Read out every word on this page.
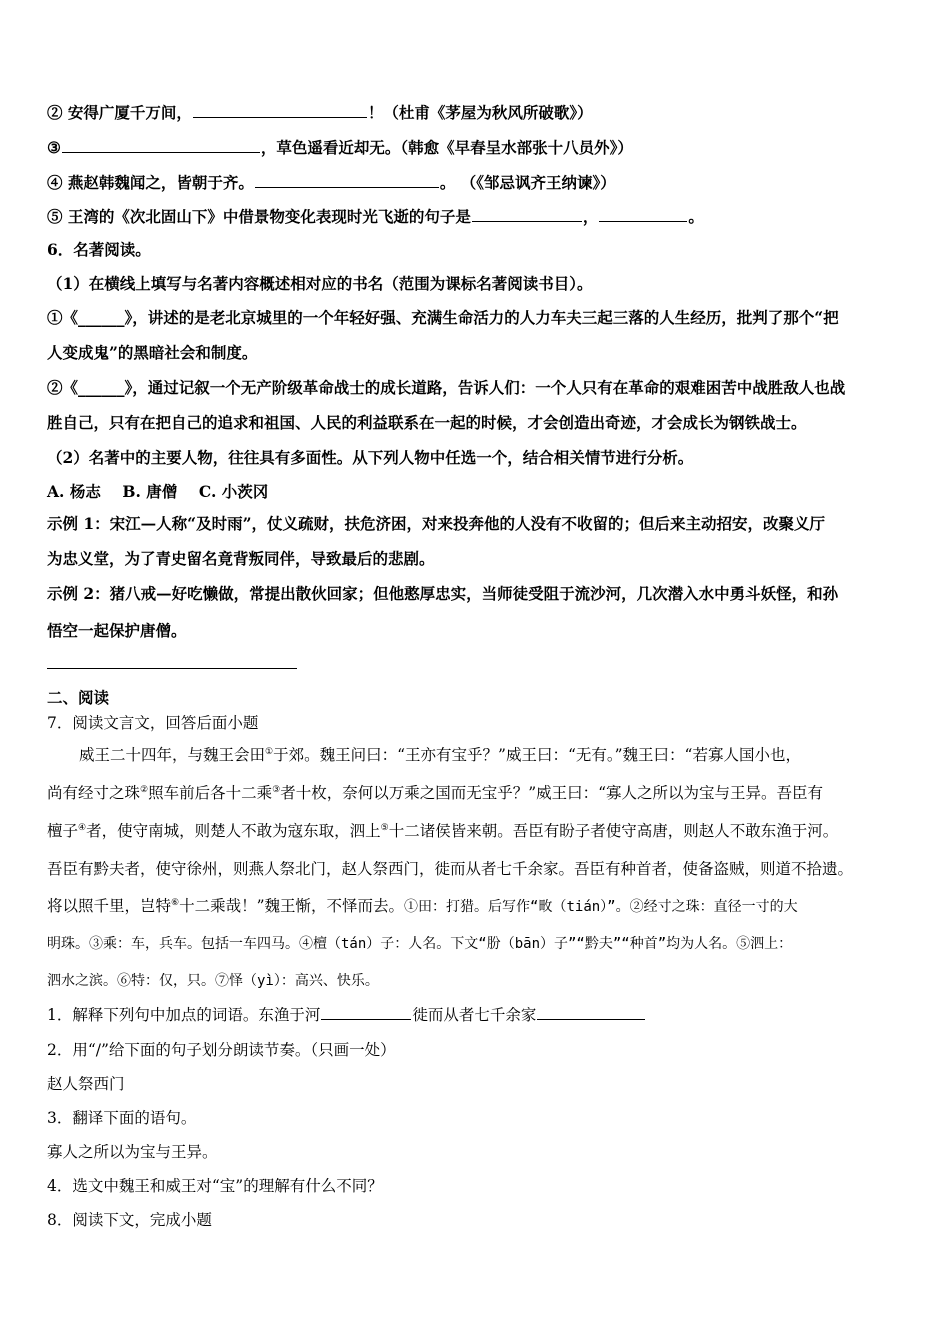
② 安得广厦千万间，	！（杜甫《茅屋为秋风所破歌》）
③	，草色遥看近却无。（韩愈《早春呈水部张十八员外》）
④ 燕赵韩魏闻之，皆朝于齐。	。 （《邹忌讽齐王纳谏》）
⑤ 王湾的《次北固山下》中借景物变化表现时光飞逝的句子是	，	。
6．名著阅读。
（1）在横线上填写与名著内容概述相对应的书名（范围为课标名著阅读书目）。
①《______》，讲述的是老北京城里的一个年轻好强、充满生命活力的人力车夫三起三落的人生经历，批判了那个“把
人变成鬼”的黑暗社会和制度。
②《______》，通过记叙一个无产阶级革命战士的成长道路，告诉人们：一个人只有在革命的艰难困苦中战胜敌人也战
胜自己，只有在把自己的追求和祖国、人民的利益联系在一起的时候，才会创造出奇迹，才会成长为钢铁战士。
（2）名著中的主要人物，往往具有多面性。从下列人物中任选一个，结合相关情节进行分析。
A. 杨志    B. 唐僧    C. 小茨冈
示例 1：宋江—人称“及时雨”，仗义疏财，扶危济困，对来投奔他的人没有不收留的；但后来主动招安，改聚义厅
为忠义堂，为了青史留名竟背叛同伴，导致最后的悲剧。
示例 2：猪八戒—好吃懒做，常提出散伙回家；但他憨厚忠实，当师徒受阻于流沙河，几次潜入水中勇斗妖怪，和孙
悟空一起保护唐僧。
二、阅读
7．阅读文言文，回答后面小题
威王二十四年，与魏王会田①于郊。魏王问曰：“王亦有宝乎？”威王曰：“无有。”魏王曰：“若寡人国小也，
尚有经寸之珠②照车前后各十二乘③者十枚，奈何以万乘之国而无宝乎？”威王曰：“寡人之所以为宝与王异。吾臣有
檀子④者，使守南城，则楚人不敢为寇东取，泗上⑤十二诸侯皆来朝。吾臣有盼子者使守高唐，则赵人不敢东渔于河。
吾臣有黔夫者，使守徐州，则燕人祭北门，赵人祭西门，徙而从者七千余家。吾臣有种首者，使备盗贼，则道不拾遗。
将以照千里，岂特⑥十二乘哉！”魏王惭，不怿而去。①田：打猎。后写作“畋（tián）”。②经寸之珠：直径一寸的大
明珠。③乘：车，兵车。包括一车四马。④檀（tán）子：人名。下文“朌（bān）子”“黔夫”“种首”均为人名。⑤泗上：
泗水之滨。⑥特：仅，只。⑦怿（yì）：高兴、快乐。
1．解释下列句中加点的词语。东渔于河	徙而从者七千余家
2．用“/”给下面的句子划分朗读节奏。（只画一处）
赵人祭西门
3．翻译下面的语句。
寡人之所以为宝与王异。
4．选文中魏王和威王对“宝”的理解有什么不同？
8．阅读下文，完成小题
